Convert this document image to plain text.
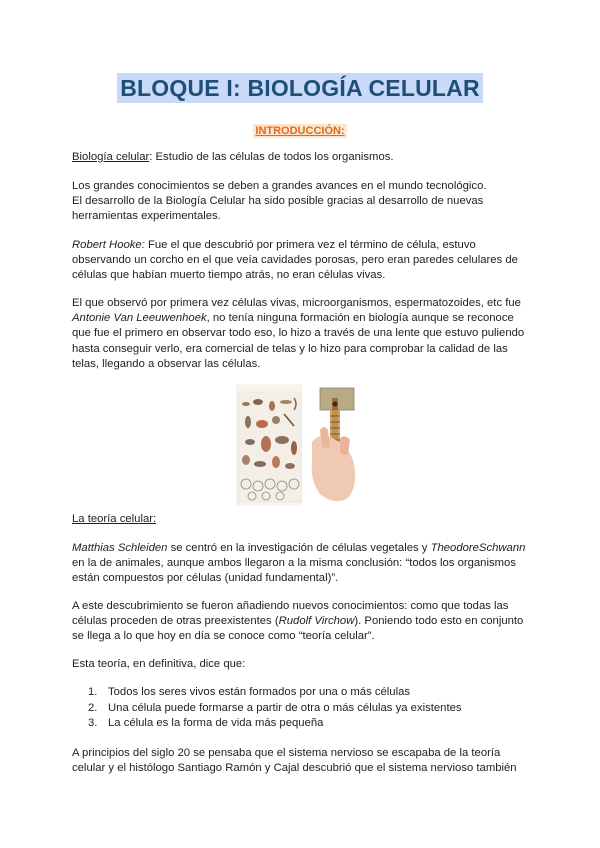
BLOQUE I: BIOLOGÍA CELULAR
INTRODUCCIÓN:

Biología celular: Estudio de las células de todos los organismos.

Los grandes conocimientos se deben a grandes avances en el mundo tecnológico.
El desarrollo de la Biología Celular ha sido posible gracias al desarrollo de nuevas herramientas experimentales.

Robert Hooke: Fue el que descubrió por primera vez el término de célula, estuvo observando un corcho en el que veía cavidades porosas, pero eran paredes celulares de células que habían muerto tiempo atrás, no eran células vivas.

El que observó por primera vez células vivas, microorganismos, espermatozoides, etc fue Antonie Van Leeuwenhoek, no tenía ninguna formación en biología aunque se reconoce que fue el primero en observar todo eso, lo hizo a través de una lente que estuvo puliendo hasta conseguir verlo, era comercial de telas y lo hizo para comprobar la calidad de las telas, llegando a observar las células.

La teoría celular:

Matthias Schleiden se centró en la investigación de células vegetales y TheodoreSchwann en la de animales, aunque ambos llegaron a la misma conclusión: “todos los organismos están compuestos por células (unidad fundamental)”.

A este descubrimiento se fueron añadiendo nuevos conocimientos: como que todas las células proceden de otras preexistentes (Rudolf Virchow). Poniendo todo esto en conjunto se llega a lo que hoy en día se conoce como “teoría celular”.

Esta teoría, en definitiva, dice que:

1. Todos los seres vivos están formados por una o más células
2. Una célula puede formarse a partir de otra o más células ya existentes
3. La célula es la forma de vida más pequeña

A principios del siglo 20 se pensaba que el sistema nervioso se escapaba de la teoría celular y el histólogo Santiago Ramón y Cajal descubrió que el sistema nervioso también
